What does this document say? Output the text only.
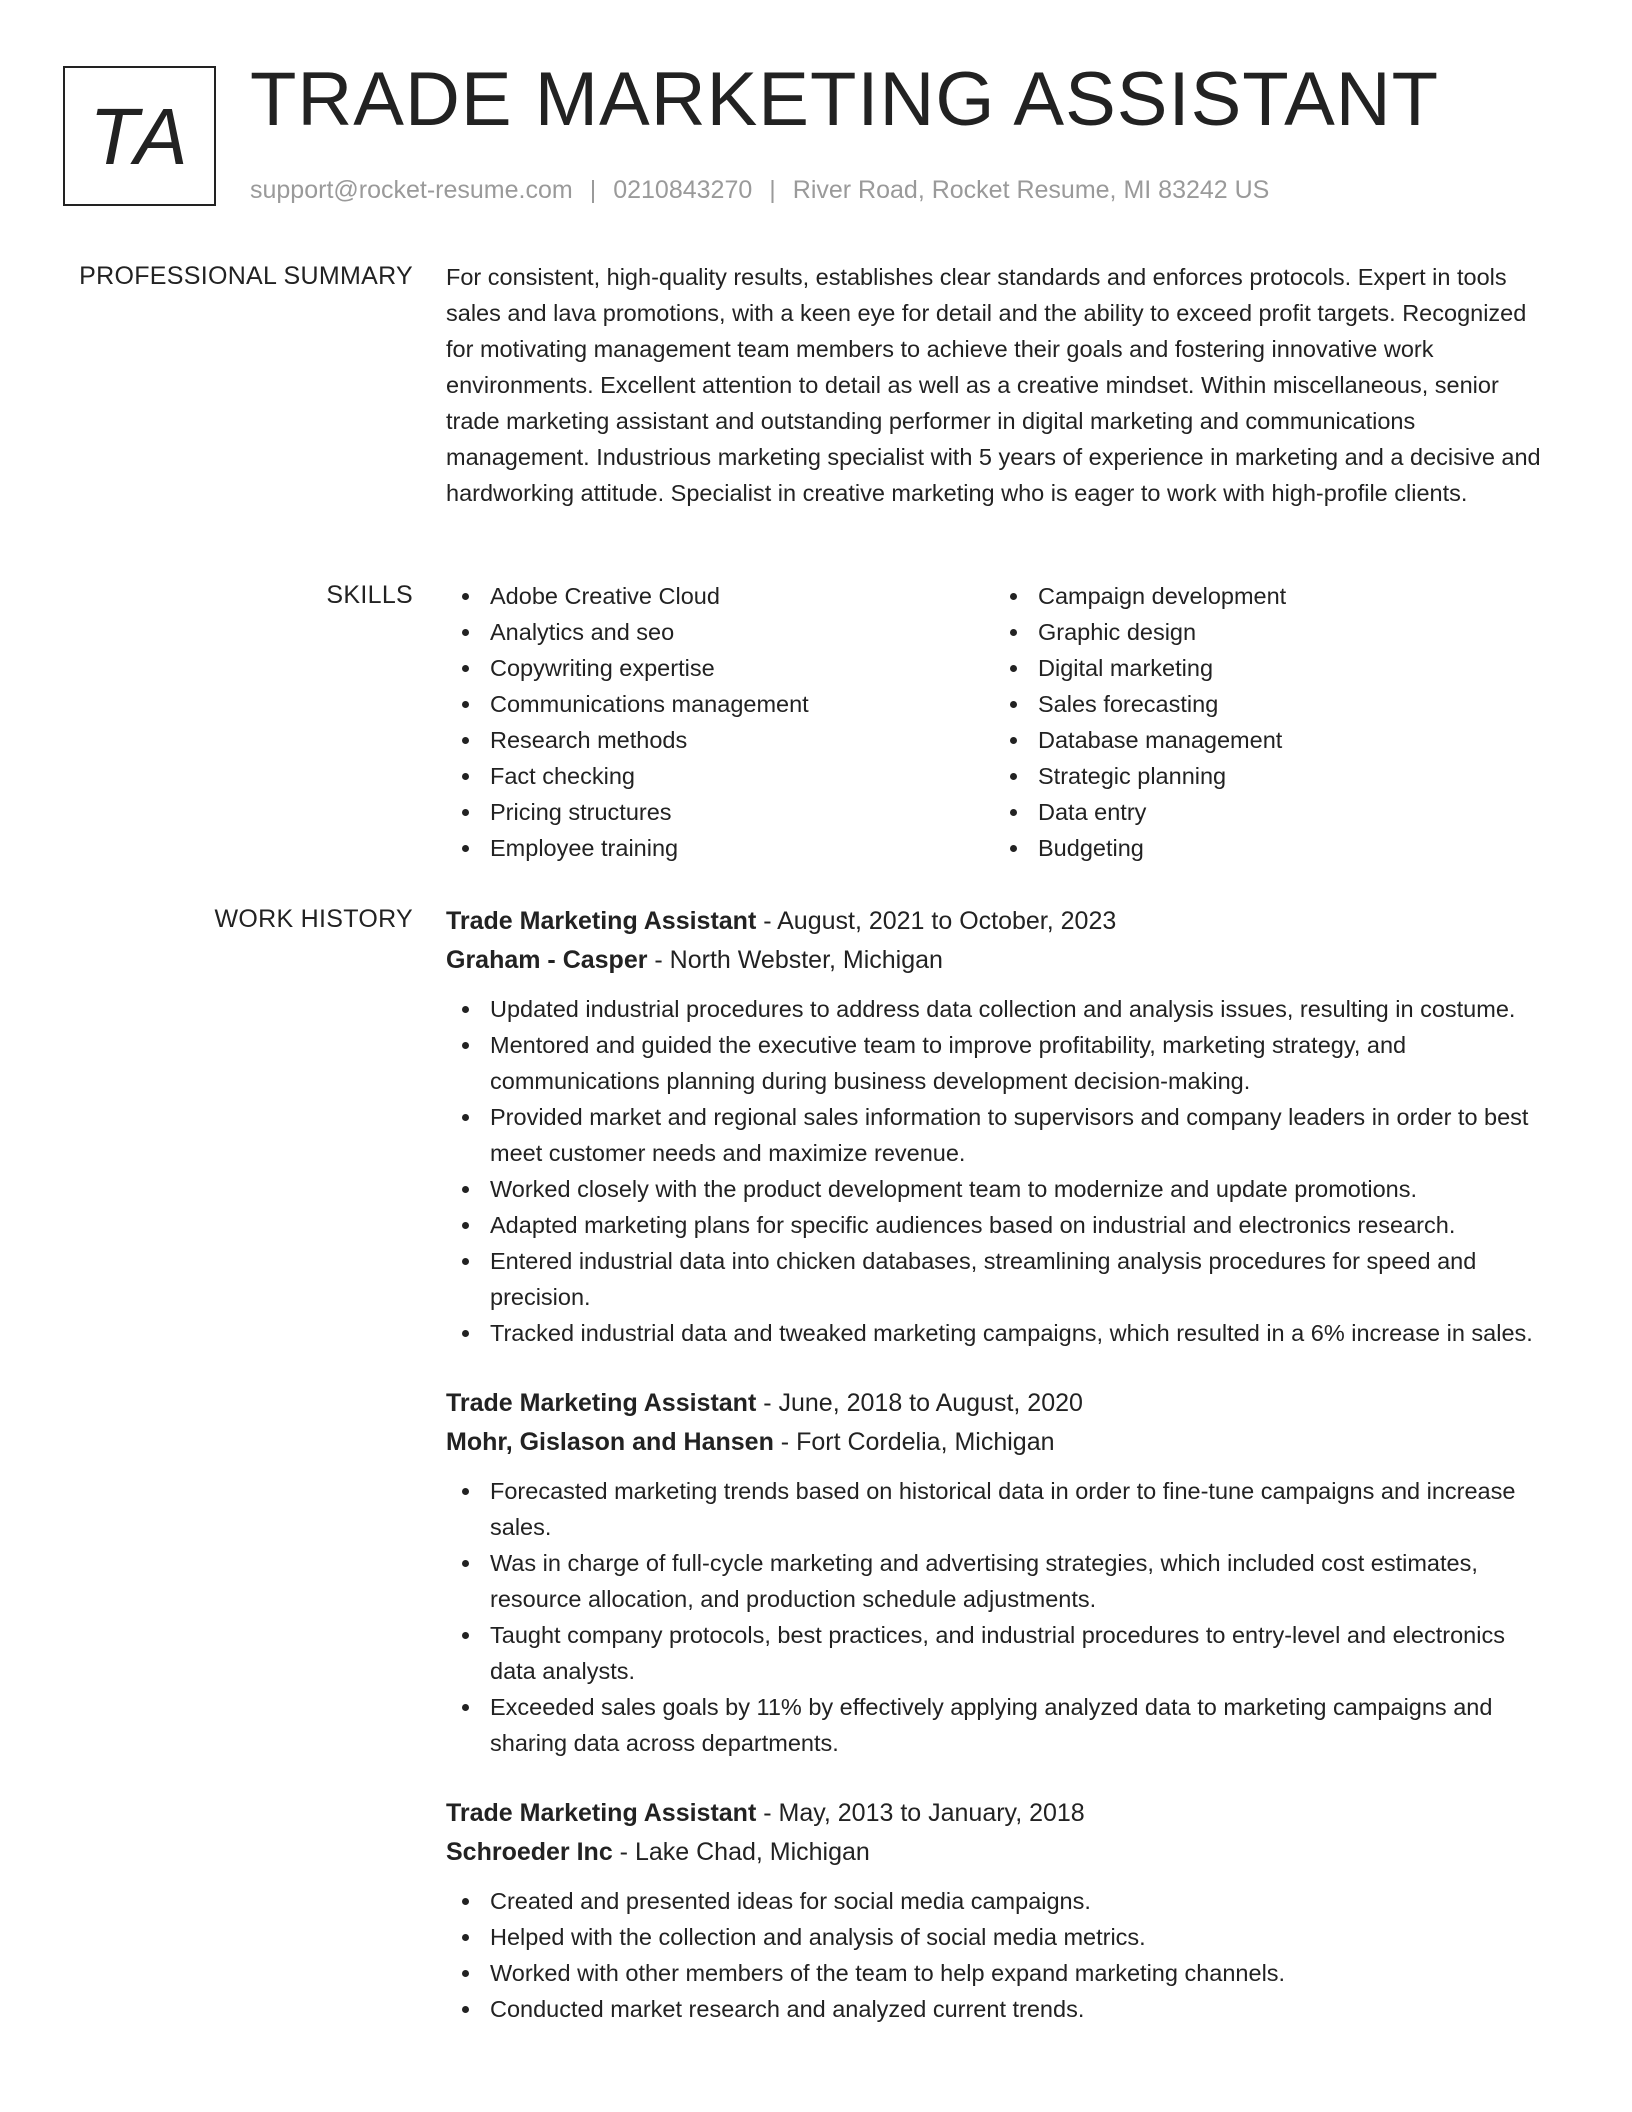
TA TRADE MARKETING ASSISTANT
support@rocket-resume.com | 0210843270 | River Road, Rocket Resume, MI 83242 US
PROFESSIONAL SUMMARY For consistent, high-quality results, establishes clear standards and enforces protocols. Expert in tools sales and lava promotions, with a keen eye for detail and the ability to exceed profit targets. Recognized for motivating management team members to achieve their goals and fostering innovative work environments. Excellent attention to detail as well as a creative mindset. Within miscellaneous, senior trade marketing assistant and outstanding performer in digital marketing and communications management. Industrious marketing specialist with 5 years of experience in marketing and a decisive and hardworking attitude. Specialist in creative marketing who is eager to work with high-profile clients.

SKILLS	Adobe Creative Cloud
Analytics and seo
Copywriting expertise
Communications management
Research methods
Fact checking
Pricing structures
Employee training
Campaign development
Graphic design
Digital marketing
Sales forecasting
Database management
Strategic planning
Data entry
Budgeting
WORK HISTORY Trade Marketing Assistant - August, 2021 to October, 2023
Graham - Casper - North Webster, Michigan
Updated industrial procedures to address data collection and analysis issues, resulting in costume.
Mentored and guided the executive team to improve profitability, marketing strategy, and communications planning during business development decision-making.
Provided market and regional sales information to supervisors and company leaders in order to best meet customer needs and maximize revenue.
Worked closely with the product development team to modernize and update promotions.
Adapted marketing plans for specific audiences based on industrial and electronics research.
Entered industrial data into chicken databases, streamlining analysis procedures for speed and precision.
Tracked industrial data and tweaked marketing campaigns, which resulted in a 6% increase in sales.
Trade Marketing Assistant - June, 2018 to August, 2020
Mohr, Gislason and Hansen - Fort Cordelia, Michigan
Forecasted marketing trends based on historical data in order to fine-tune campaigns and increase sales.
Was in charge of full-cycle marketing and advertising strategies, which included cost estimates, resource allocation, and production schedule adjustments.
Taught company protocols, best practices, and industrial procedures to entry-level and electronics data analysts.
Exceeded sales goals by 11% by effectively applying analyzed data to marketing campaigns and sharing data across departments.
Trade Marketing Assistant - May, 2013 to January, 2018
Schroeder Inc - Lake Chad, Michigan
Created and presented ideas for social media campaigns.
Helped with the collection and analysis of social media metrics.
Worked with other members of the team to help expand marketing channels.
Conducted market research and analyzed current trends.
